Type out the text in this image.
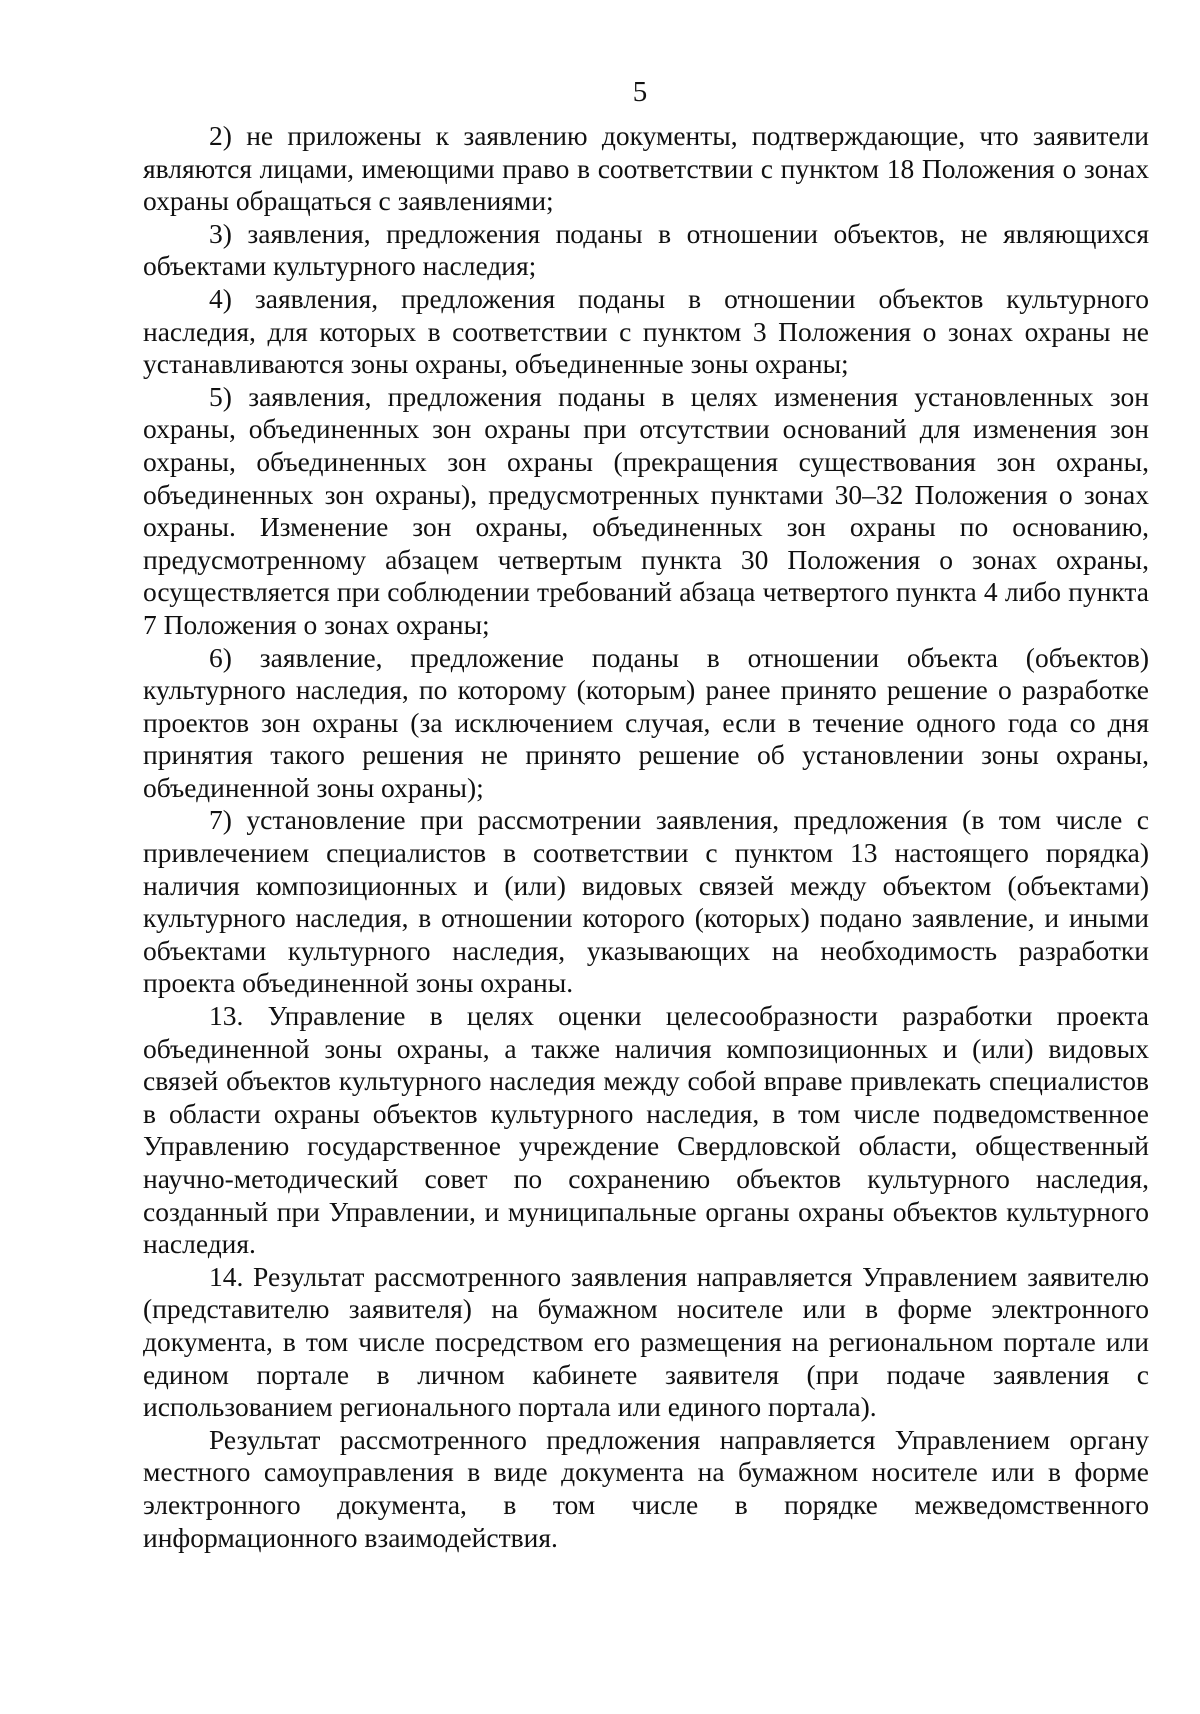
5

2) не приложены к заявлению документы, подтверждающие, что заявители являются лицами, имеющими право в соответствии с пунктом 18 Положения о зонах охраны обращаться с заявлениями;

3) заявления, предложения поданы в отношении объектов, не являющихся объектами культурного наследия;

4) заявления, предложения поданы в отношении объектов культурного наследия, для которых в соответствии с пунктом 3 Положения о зонах охраны не устанавливаются зоны охраны, объединенные зоны охраны;

5) заявления, предложения поданы в целях изменения установленных зон охраны, объединенных зон охраны при отсутствии оснований для изменения зон охраны, объединенных зон охраны (прекращения существования зон охраны, объединенных зон охраны), предусмотренных пунктами 30–32 Положения о зонах охраны. Изменение зон охраны, объединенных зон охраны по основанию, предусмотренному абзацем четвертым пункта 30 Положения о зонах охраны, осуществляется при соблюдении требований абзаца четвертого пункта 4 либо пункта 7 Положения о зонах охраны;

6) заявление, предложение поданы в отношении объекта (объектов) культурного наследия, по которому (которым) ранее принято решение о разработке проектов зон охраны (за исключением случая, если в течение одного года со дня принятия такого решения не принято решение об установлении зоны охраны, объединенной зоны охраны);

7) установление при рассмотрении заявления, предложения (в том числе с привлечением специалистов в соответствии с пунктом 13 настоящего порядка) наличия композиционных и (или) видовых связей между объектом (объектами) культурного наследия, в отношении которого (которых) подано заявление, и иными объектами культурного наследия, указывающих на необходимость разработки проекта объединенной зоны охраны.

13. Управление в целях оценки целесообразности разработки проекта объединенной зоны охраны, а также наличия композиционных и (или) видовых связей объектов культурного наследия между собой вправе привлекать специалистов в области охраны объектов культурного наследия, в том числе подведомственное Управлению государственное учреждение Свердловской области, общественный научно-методический совет по сохранению объектов культурного наследия, созданный при Управлении, и муниципальные органы охраны объектов культурного наследия.

14. Результат рассмотренного заявления направляется Управлением заявителю (представителю заявителя) на бумажном носителе или в форме электронного документа, в том числе посредством его размещения на региональном портале или едином портале в личном кабинете заявителя (при подаче заявления с использованием регионального портала или единого портала).

Результат рассмотренного предложения направляется Управлением органу местного самоуправления в виде документа на бумажном носителе или в форме электронного документа, в том числе в порядке межведомственного информационного взаимодействия.
